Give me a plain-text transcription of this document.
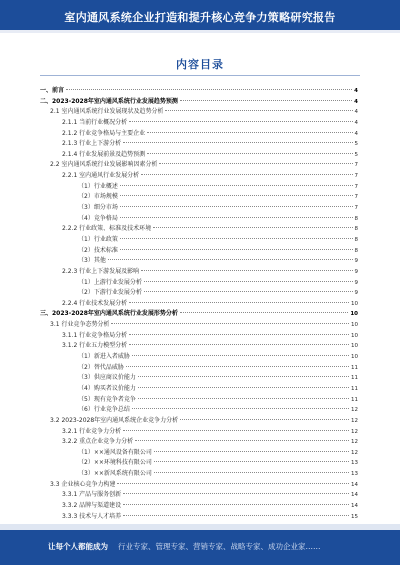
室内通风系统企业打造和提升核心竞争力策略研究报告
内容目录
一、前言	4
二、2023-2028年室内通风系统行业发展趋势预测	4
2.1 室内通风系统行业发展现状及趋势分析	4
2.1.1 当前行业概况分析	4
2.1.2 行业竞争格局与主要企业	4
2.1.3 行业上下游分析	5
2.1.4 行业发展前景及趋势预测	5
2.2 室内通风系统行业发展影响因素分析	7
2.2.1 室内通风行业发展分析	7
（1）行业概述	7
（2）市场规模	7
（3）细分市场	7
（4）竞争格局	8
2.2.2 行业政策、标准及技术环境	8
（1）行业政策	8
（2）技术标准	8
（3）其他	9
2.2.3 行业上下游发展及影响	9
（1）上游行业发展分析	9
（2）下游行业发展分析	9
2.2.4 行业技术发展分析	10
三、2023-2028年室内通风系统行业发展形势分析	10
3.1 行业竞争态势分析	10
3.1.1 行业竞争格局分析	10
3.1.2 行业五力模型分析	10
（1）新进入者威胁	10
（2）替代品威胁	11
（3）供应商议价能力	11
（4）购买者议价能力	11
（5）现有竞争者竞争	11
（6）行业竞争总结	12
3.2 2023-2028年室内通风系统企业竞争力分析	12
3.2.1 行业竞争力分析	12
3.2.2 重点企业竞争力分析	12
（1）××通风设备有限公司	12
（2）××环境科技有限公司	13
（3）××新风系统有限公司	13
3.3 企业核心竞争力构建	14
3.3.1 产品与服务创新	14
3.3.2 品牌与渠道建设	14
3.3.3 技术与人才培养	15
让每个人都能成为 行业专家、管理专家、营销专家、战略专家、成功企业家……
